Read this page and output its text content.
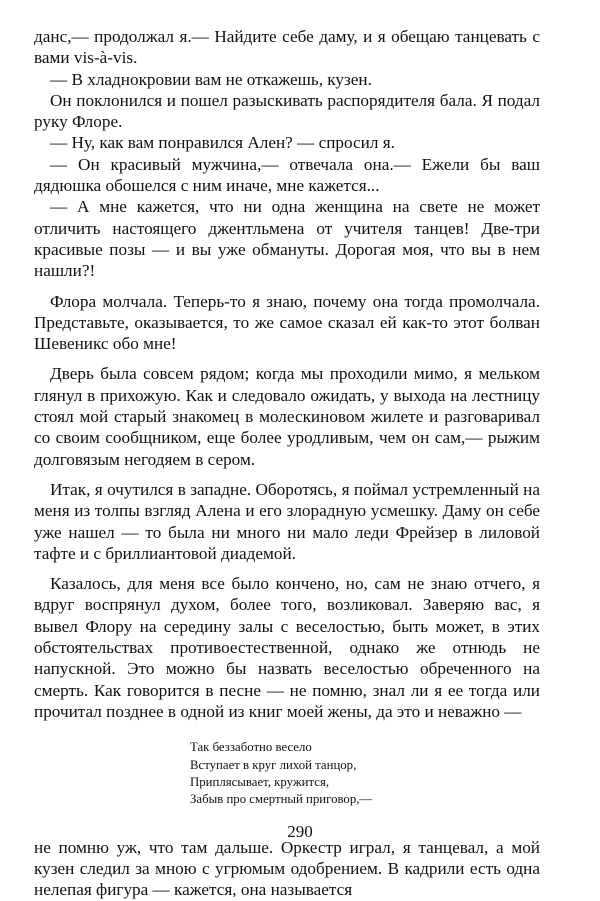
данс,— продолжал я.— Найдите себе даму, и я обещаю танцевать с вами vis-à-vis.

— В хладнокровии вам не откажешь, кузен.

Он поклонился и пошел разыскивать распорядителя бала. Я подал руку Флоре.

— Ну, как вам понравился Ален? — спросил я.

— Он красивый мужчина,— отвечала она.— Ежели бы ваш дядюшка обошелся с ним иначе, мне кажется...

— А мне кажется, что ни одна женщина на свете не может отличить настоящего джентльмена от учителя танцев! Две-три красивые позы — и вы уже обмануты. Дорогая моя, что вы в нем нашли?!

Флора молчала. Теперь-то я знаю, почему она тогда промолчала. Представьте, оказывается, то же самое сказал ей как-то этот болван Шевеникс обо мне!

Дверь была совсем рядом; когда мы проходили мимо, я мельком глянул в прихожую. Как и следовало ожидать, у выхода на лестницу стоял мой старый знакомец в молескиновом жилете и разговаривал со своим сообщником, еще более уродливым, чем он сам,— рыжим долговязым негодяем в сером.

Итак, я очутился в западне. Оборотясь, я поймал устремленный на меня из толпы взгляд Алена и его злорадную усмешку. Даму он себе уже нашел — то была ни много ни мало леди Фрейзер в лиловой тафте и с бриллиантовой диадемой.

Казалось, для меня все было кончено, но, сам не знаю отчего, я вдруг воспрянул духом, более того, возликовал. Заверяю вас, я вывел Флору на середину залы с веселостью, быть может, в этих обстоятельствах противоестественной, однако же отнюдь не напускной. Это можно бы назвать веселостью обреченного на смерть. Как говорится в песне — не помню, знал ли я ее тогда или прочитал позднее в одной из книг моей жены, да это и неважно —

Так беззаботно весело
Вступает в круг лихой танцор,
Приплясывает, кружится,
Забыв про смертный приговор,—

не помню уж, что там дальше. Оркестр играл, я танцевал, а мой кузен следил за мною с угрюмым одобрением. В кадрили есть одна нелепая фигура — кажется, она называется

290
